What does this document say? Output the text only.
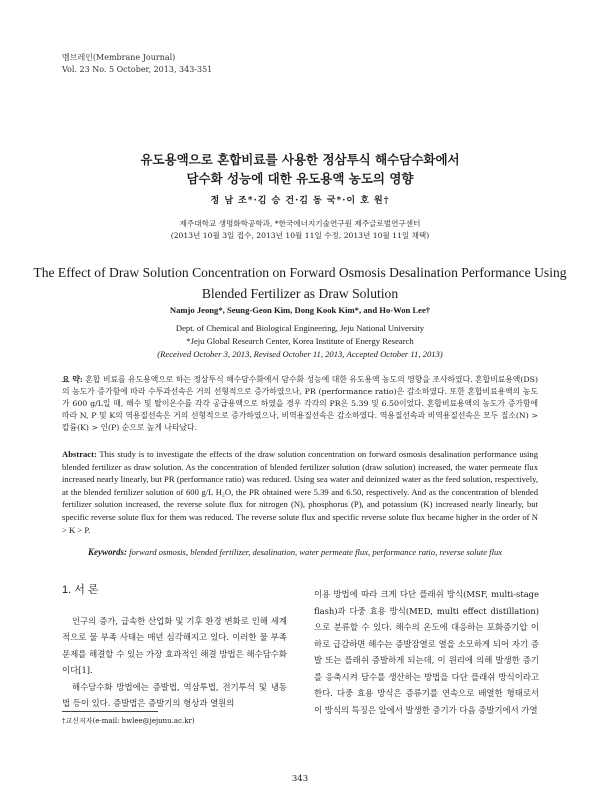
멤브레인(Membrane Journal)
Vol. 23 No. 5 October, 2013, 343-351
유도용액으로 혼합비료를 사용한 정삼투식 해수담수화에서
담수화 성능에 대한 유도용액 농도의 영향
정 남 조*·김 승 건·김 동 국*·이 호 원†
제주대학교 생명화학공학과, *한국에너지기술연구원 제주글로벌연구센터
(2013년 10월 3일 접수, 2013년 10월 11일 수정, 2013년 10월 11일 채택)
The Effect of Draw Solution Concentration on Forward Osmosis Desalination Performance Using Blended Fertilizer as Draw Solution
Namjo Jeong*, Seung-Geon Kim, Dong Kook Kim*, and Ho-Won Lee†
Dept. of Chemical and Biological Engineering, Jeju National University
*Jeju Global Research Center, Korea Institute of Energy Research
(Received October 3, 2013, Revised October 11, 2013, Accepted October 11, 2013)
요 약: 혼합 비료를 유도용액으로 하는 정삼투식 해수담수화에서 담수화 성능에 대한 유도용액 농도의 영향을 조사하였다. 혼합비료용액(DS)의 농도가 증가함에 따라 수투과선속은 거의 선형적으로 증가하였으나, PR (performance ratio)은 감소하였다. 또한 혼합비료용액의 농도가 600 g/L일 때, 해수 및 탈이온수를 각각 공급용액으로 하였을 경우 각각의 PR은 5.39 및 6.50이었다. 혼합비료용액의 농도가 증가함에 따라 N, P 및 K의 역용질선속은 거의 선형적으로 증가하였으나, 비역용질선속은 감소하였다. 역용질선속과 비역용질선속은 모두 질소(N) > 칼륨(K) > 인(P) 순으로 높게 나타났다.
Abstract: This study is to investigate the effects of the draw solution concentration on forward osmosis desalination performance using blended fertilizer as draw solution. As the concentration of blended fertilizer solution (draw solution) increased, the water permeate flux increased nearly linearly, but PR (performance ratio) was reduced. Using sea water and deionized water as the feed solution, respectively, at the blended fertilizer solution of 600 g/L H₂O, the PR obtained were 5.39 and 6.50, respectively. And as the concentration of blended fertilizer solution increased, the reverse solute flux for nitrogen (N), phosphorus (P), and potassium (K) increased nearly linearly, but specific reverse solute flux for them was reduced. The reverse solute flux and specific reverse solute flux became higher in the order of N > K > P.
Keywords: forward osmosis, blended fertilizer, desalination, water permeate flux, performance ratio, reverse solute flux
1. 서 론

인구의 증가, 급속한 산업화 및 기후 환경 변화로 인해 세계적으로 물 부족 사태는 매년 심각해지고 있다. 이러한 물 부족 문제를 해결할 수 있는 가장 효과적인 해결 방법은 해수담수화이다[1].

해수담수화 방법에는 증발법, 역삼투법, 전기투석 및 냉동법 등이 있다. 증발법은 증발기의 형상과 열원의

이용 방법에 따라 크게 다단 플래쉬 방식(MSF, multi-stage flash)과 다중 효용 방식(MED, multi effect distillation)으로 분류할 수 있다. 해수의 온도에 대응하는 포화증기압 이하로 급감하면 해수는 증발잠열로 열을 소모하게 되어 자기 증발 또는 플래쉬 증발하게 되는데, 이 원리에 의해 발생한 증기를 응축시켜 담수를 생산하는 방법을 다단 플래쉬 방식이라고 한다. 다중 효용 방식은 증류기를 연속으로 배열한 형태로서 이 방식의 특징은 앞에서 발생한 증기가 다음 증발기에서 가열

†교신저자(e-mail: hwlee@jejunu.ac.kr)
343
